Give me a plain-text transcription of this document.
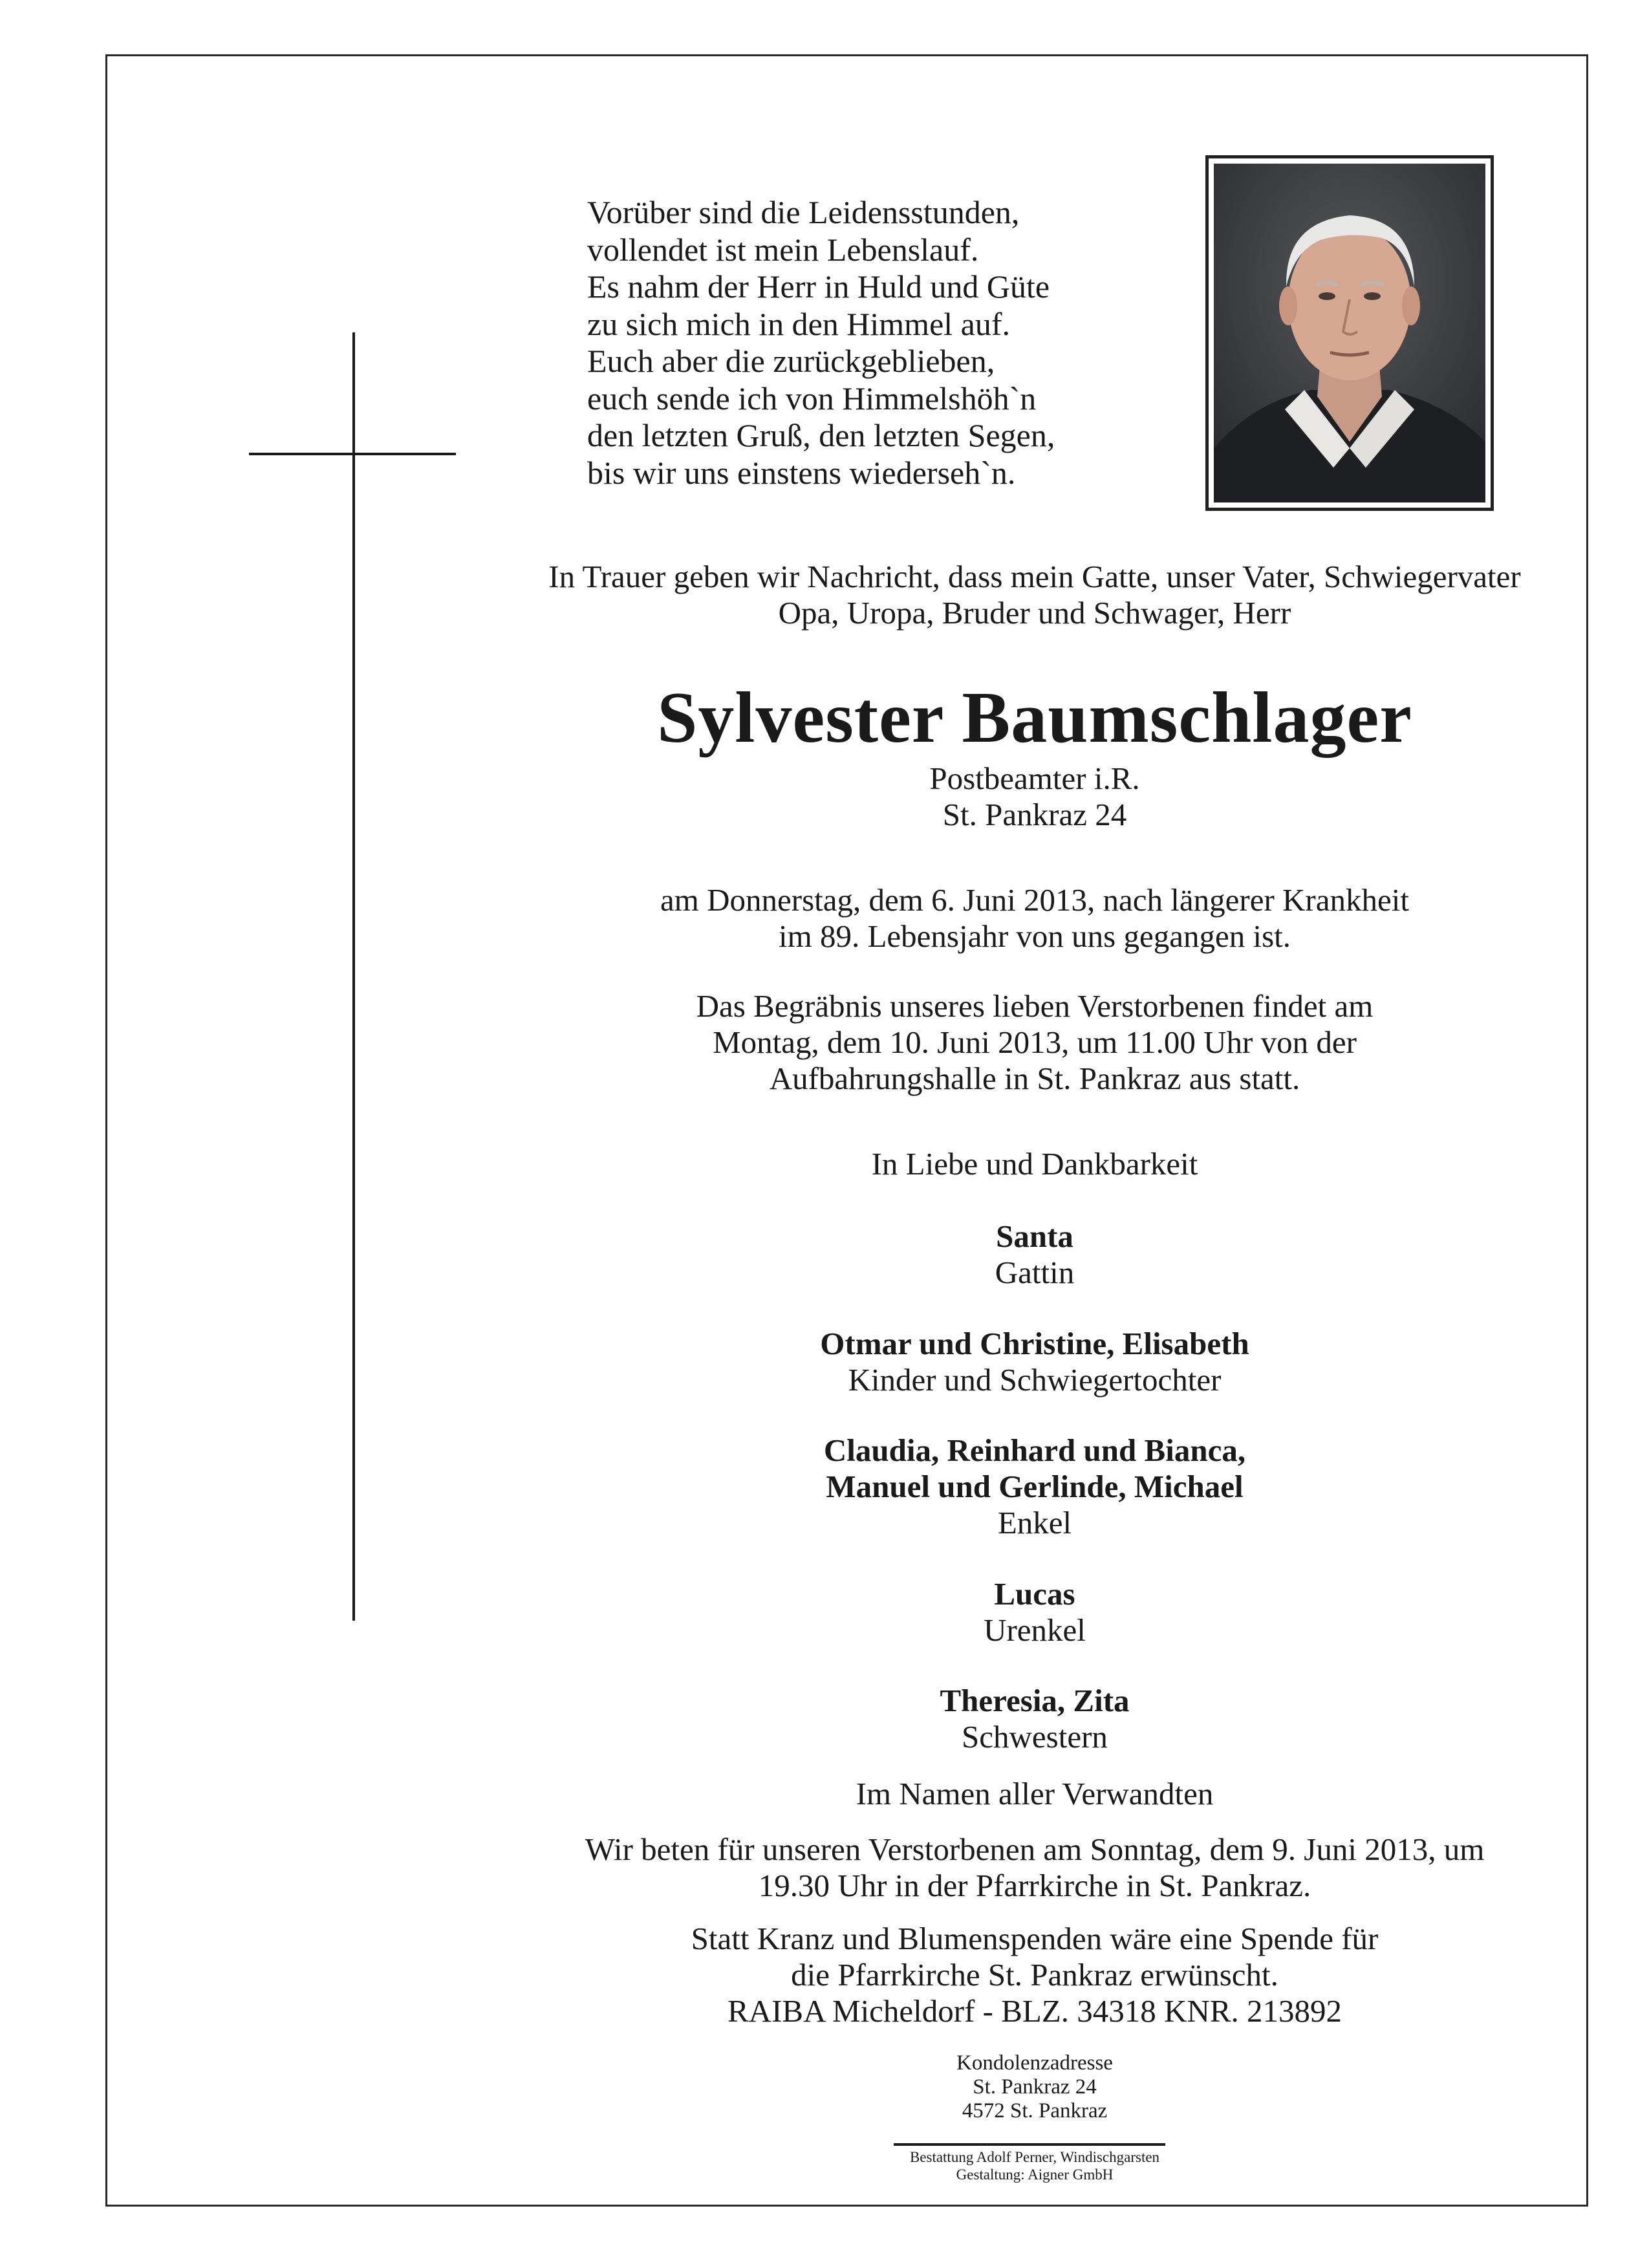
Vorüber sind die Leidensstunden,
vollendet ist mein Lebenslauf.
Es nahm der Herr in Huld und Güte
zu sich mich in den Himmel auf.
Euch aber die zurückgeblieben,
euch sende ich von Himmelshöh`n
den letzten Gruß, den letzten Segen,
bis wir uns einstens wiederseh`n.
In Trauer geben wir Nachricht, dass mein Gatte, unser Vater, Schwiegervater
Opa, Uropa, Bruder und Schwager, Herr
Sylvester Baumschlager
Postbeamter i.R.
St. Pankraz 24
am Donnerstag, dem 6. Juni 2013, nach längerer Krankheit
im 89. Lebensjahr von uns gegangen ist.
Das Begräbnis unseres lieben Verstorbenen findet am
Montag, dem 10. Juni 2013, um 11.00 Uhr von der
Aufbahrungshalle in St. Pankraz aus statt.
In Liebe und Dankbarkeit
Santa
Gattin
Otmar und Christine, Elisabeth
Kinder und Schwiegertochter
Claudia, Reinhard und Bianca,
Manuel und Gerlinde, Michael
Enkel
Lucas
Urenkel
Theresia, Zita
Schwestern
Im Namen aller Verwandten
Wir beten für unseren Verstorbenen am Sonntag, dem 9. Juni 2013, um
19.30 Uhr in der Pfarrkirche in St. Pankraz.
Statt Kranz und Blumenspenden wäre eine Spende für
die Pfarrkirche St. Pankraz erwünscht.
RAIBA Micheldorf - BLZ. 34318 KNR. 213892
Kondolenzadresse
St. Pankraz 24
4572 St. Pankraz
Bestattung Adolf Perner, Windischgarsten
Gestaltung: Aigner GmbH
